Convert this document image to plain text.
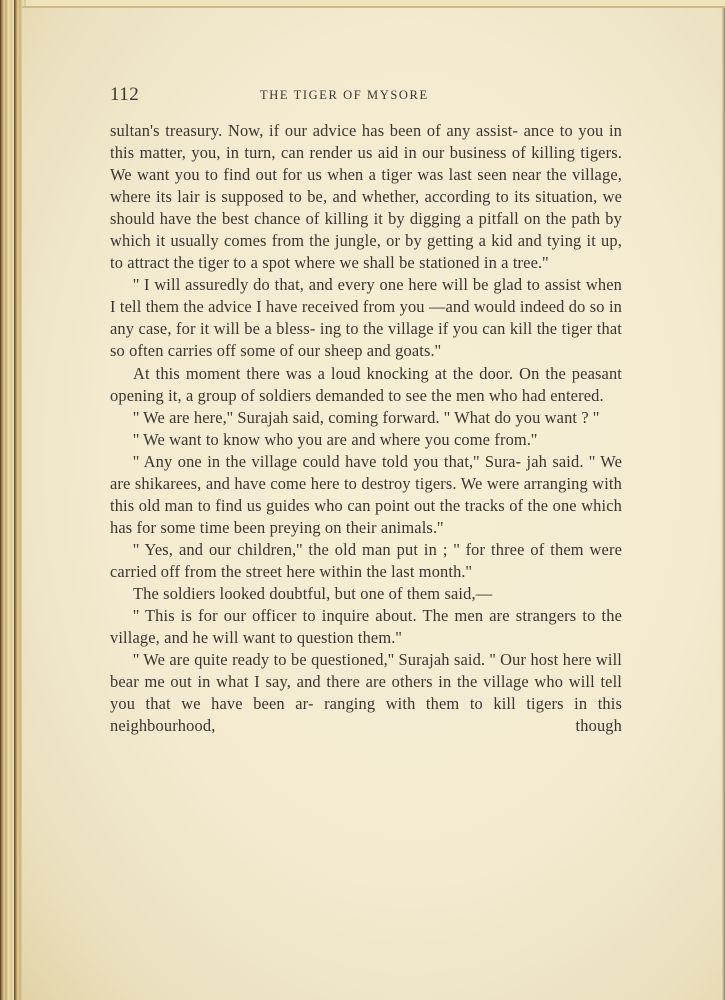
112	THE TIGER OF MYSORE

sultan's treasury. Now, if our advice has been of any assist- ance to you in this matter, you, in turn, can render us aid in our business of killing tigers. We want you to find out for us when a tiger was last seen near the village, where its lair is supposed to be, and whether, according to its situation, we should have the best chance of killing it by digging a pitfall on the path by which it usually comes from the jungle, or by getting a kid and tying it up, to attract the tiger to a spot where we shall be stationed in a tree.''

'' I will assuredly do that, and every one here will be glad to assist when I tell them the advice I have received from you —and would indeed do so in any case, for it will be a bless- ing to the village if you can kill the tiger that so often carries off some of our sheep and goats.''

At this moment there was a loud knocking at the door. On the peasant opening it, a group of soldiers demanded to see the men who had entered.

'' We are here,'' Surajah said, coming forward. '' What do you want ? ''

'' We want to know who you are and where you come from.''

'' Any one in the village could have told you that,'' Sura- jah said. '' We are shikarees, and have come here to destroy tigers. We were arranging with this old man to find us guides who can point out the tracks of the one which has for some time been preying on their animals.''

'' Yes, and our children,'' the old man put in ; '' for three of them were carried off from the street here within the last month.''

The soldiers looked doubtful, but one of them said,—

'' This is for our officer to inquire about. The men are strangers to the village, and he will want to question them.''

'' We are quite ready to be questioned,'' Surajah said. '' Our host here will bear me out in what I say, and there are others in the village who will tell you that we have been ar- ranging with them to kill tigers in this neighbourhood, though
